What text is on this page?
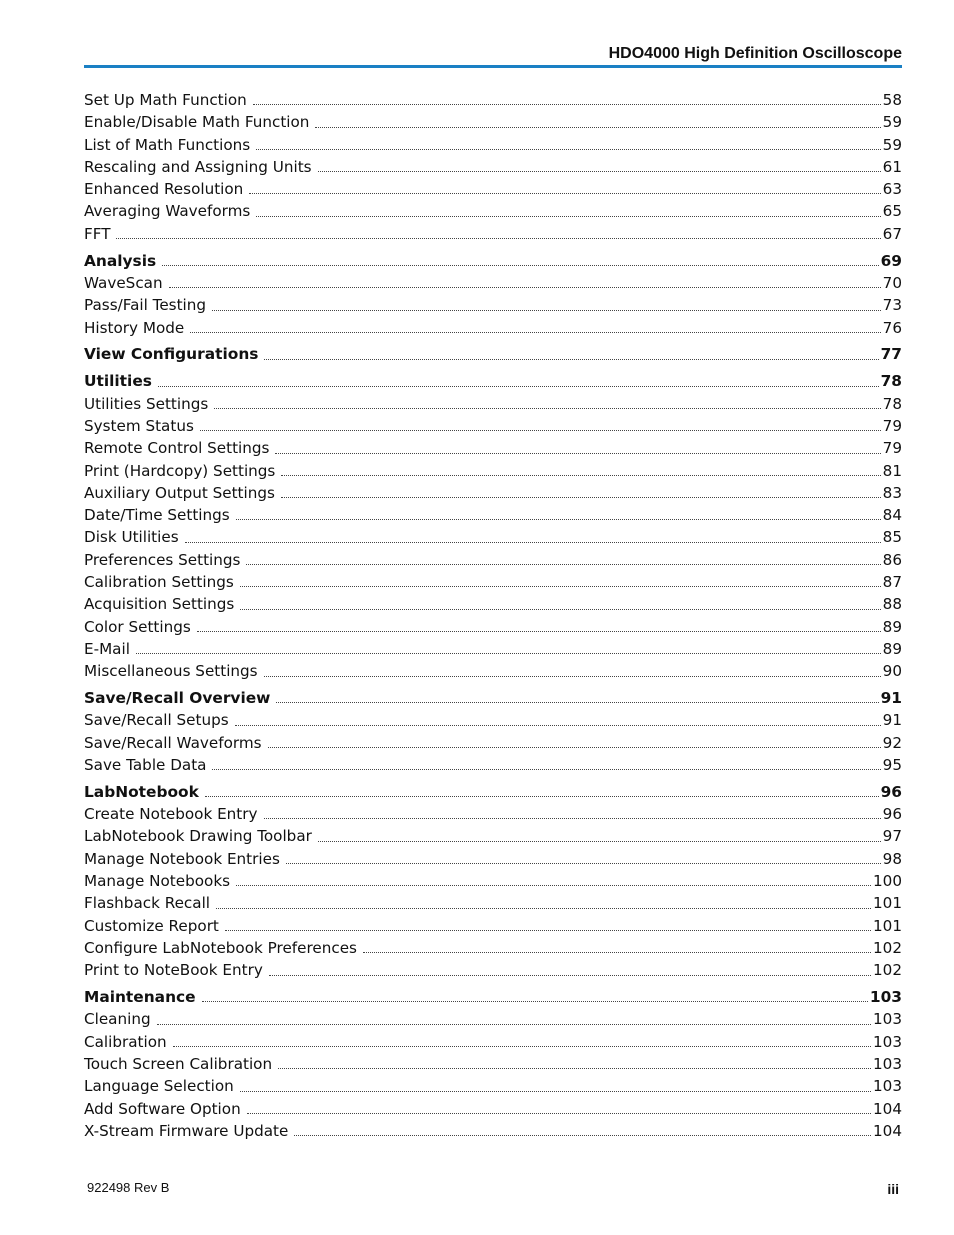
HDO4000 High Definition Oscilloscope
Set Up Math Function	58
Enable/Disable Math Function	59
List of Math Functions	59
Rescaling and Assigning Units	61
Enhanced Resolution	63
Averaging Waveforms	65
FFT	67
Analysis	69
WaveScan	70
Pass/Fail Testing	73
History Mode	76
View Configurations	77
Utilities	78
Utilities Settings	78
System Status	79
Remote Control Settings	79
Print (Hardcopy) Settings	81
Auxiliary Output Settings	83
Date/Time Settings	84
Disk Utilities	85
Preferences Settings	86
Calibration Settings	87
Acquisition Settings	88
Color Settings	89
E-Mail	89
Miscellaneous Settings	90
Save/Recall Overview	91
Save/Recall Setups	91
Save/Recall Waveforms	92
Save Table Data	95
LabNotebook	96
Create Notebook Entry	96
LabNotebook Drawing Toolbar	97
Manage Notebook Entries	98
Manage Notebooks	100
Flashback Recall	101
Customize Report	101
Configure LabNotebook Preferences	102
Print to NoteBook Entry	102
Maintenance	103
Cleaning	103
Calibration	103
Touch Screen Calibration	103
Language Selection	103
Add Software Option	104
X-Stream Firmware Update	104
922498 Rev B	iii
